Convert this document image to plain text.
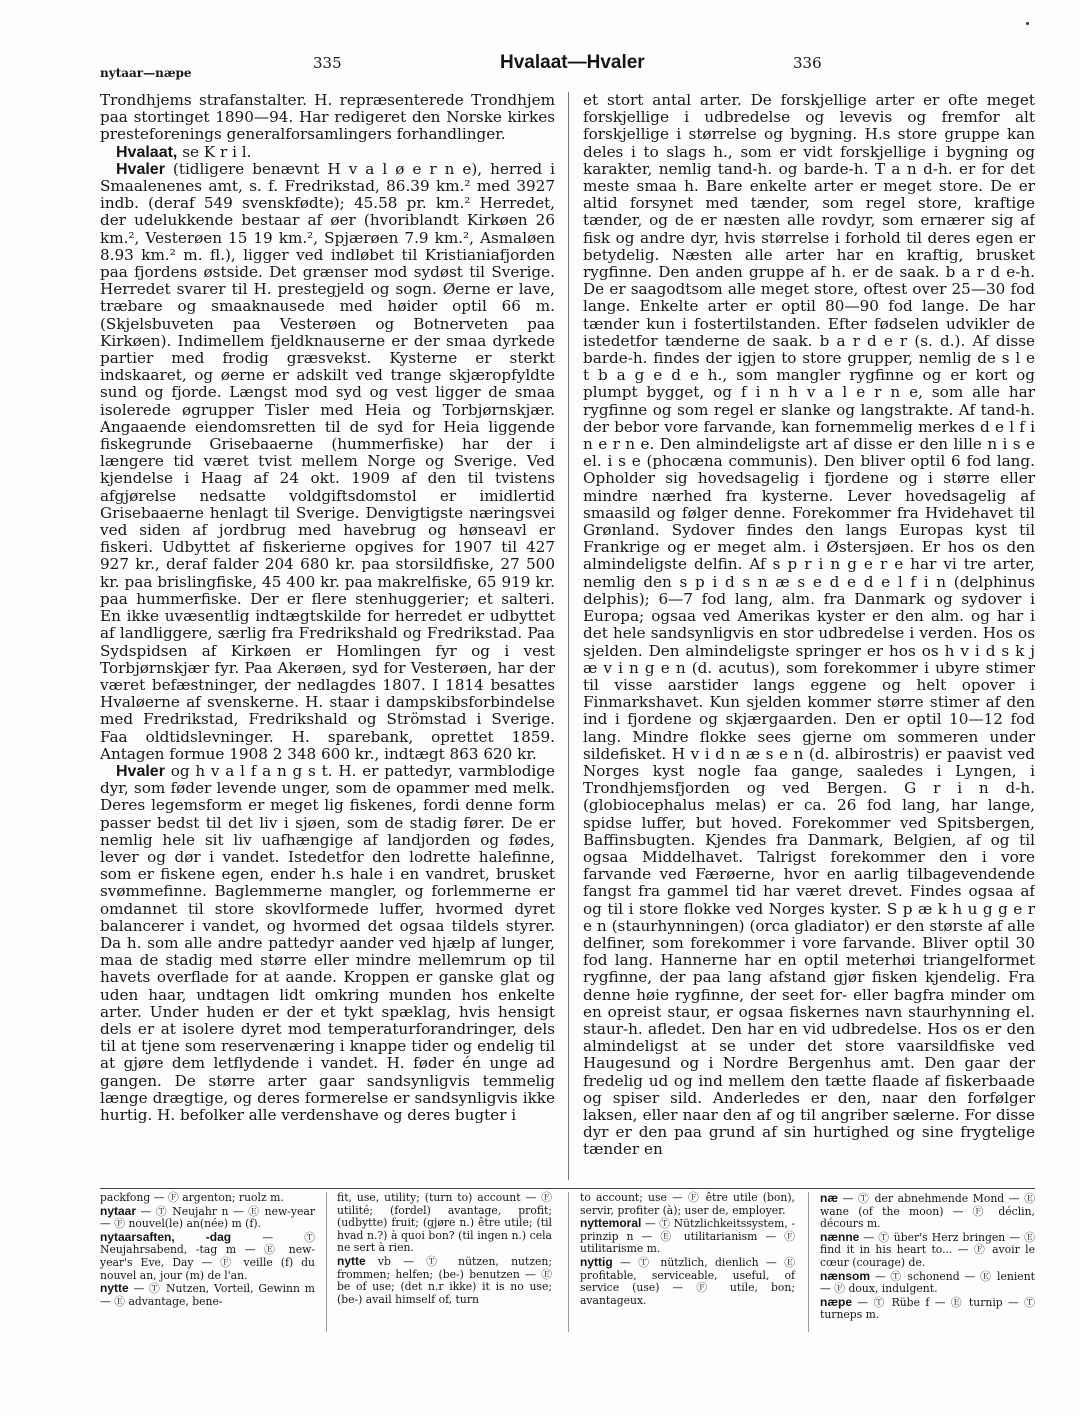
nytaar—næpe
335	Hvalaat—Hvaler	336

Trondhjems strafanstalter. H. repræsenterede Trondhjem paa stortinget 1890—94. Har redigeret den Norske kirkes presteforenings generalforsamlingers forhandlinger.

Hvalaat, se K r i l.

Hvaler (tidligere benævnt H v a l ø e r n e), herred i Smaalenenes amt, s. f. Fredrikstad, 86.39 km.² med 3927 indb. (deraf 549 svenskfødte); 45.58 pr. km.² Herredet, der udelukkende bestaar af øer (hvoriblandt Kirkøen 26 km.², Vesterøen 15 19 km.², Spjærøen 7.9 km.², Asmaløen 8.93 km.² m. fl.), ligger ved indløbet til Kristianiafjorden paa fjordens østside. Det grænser mod sydøst til Sverige. Herredet svarer til H. prestegjeld og sogn. Øerne er lave, træbare og smaaknausede med høider optil 66 m. (Skjelsbuveten paa Vesterøen og Botnerveten paa Kirkøen). Indimellem fjeldknauserne er der smaa dyrkede partier med frodig græsvekst. Kysterne er sterkt indskaaret, og øerne er adskilt ved trange skjæropfyldte sund og fjorde. Længst mod syd og vest ligger de smaa isolerede øgrupper Tisler med Heia og Torbjørnskjær. Angaaende eiendomsretten til de syd for Heia liggende fiskegrunde Grisebaaerne (hummerfiske) har der i længere tid været tvist mellem Norge og Sverige. Ved kjendelse i Haag af 24 okt. 1909 af den til tvistens afgjørelse nedsatte voldgiftsdomstol er imidlertid Grisebaaerne henlagt til Sverige. Denvigtigste næringsvei ved siden af jordbrug med havebrug og hønseavl er fiskeri. Udbyttet af fiskerierne opgives for 1907 til 427 927 kr., deraf falder 204 680 kr. paa storsildfiske, 27 500 kr. paa brislingfiske, 45 400 kr. paa makrelfiske, 65 919 kr. paa hummerfiske. Der er flere stenhuggerier; et salteri. En ikke uvæsentlig indtægtskilde for herredet er udbyttet af landliggere, særlig fra Fredrikshald og Fredrikstad. Paa Sydspidsen af Kirkøen er Homlingen fyr og i vest Torbjørnskjær fyr. Paa Akerøen, syd for Vesterøen, har der været befæstninger, der nedlagdes 1807. I 1814 besattes Hvaløerne af svenskerne. H. staar i dampskibsforbindelse med Fredrikstad, Fredrikshald og Strömstad i Sverige. Faa oldtidslevninger. H. sparebank, oprettet 1859. Antagen formue 1908 2 348 600 kr., indtægt 863 620 kr.

Hvaler og h v a l f a n g s t. H. er pattedyr, varmblodige dyr, som føder levende unger, som de opammer med melk. Deres legemsform er meget lig fiskenes, fordi denne form passer bedst til det liv i sjøen, som de stadig fører. De er nemlig hele sit liv uafhængige af landjorden og fødes, lever og dør i vandet. Istedetfor den lodrette halefinne, som er fiskene egen, ender h.s hale i en vandret, brusket svømmefinne. Baglemmerne mangler, og forlemmerne er omdannet til store skovlformede luffer, hvormed dyret balancerer i vandet, og hvormed det ogsaa tildels styrer. Da h. som alle andre pattedyr aander ved hjælp af lunger, maa de stadig med større eller mindre mellemrum op til havets overflade for at aande. Kroppen er ganske glat og uden haar, undtagen lidt omkring munden hos enkelte arter. Under huden er der et tykt spæklag, hvis hensigt dels er at isolere dyret mod temperaturforandringer, dels til at tjene som reservenæring i knappe tider og endelig til at gjøre dem letflydende i vandet. H. føder én unge ad gangen. De større arter gaar sandsynligvis temmelig længe drægtige, og deres formerelse er sandsynligvis ikke hurtig. H. befolker alle verdenshave og deres bugter i

et stort antal arter. De forskjellige arter er ofte meget forskjellige i udbredelse og levevis og fremfor alt forskjellige i størrelse og bygning. H.s store gruppe kan deles i to slags h., som er vidt forskjellige i bygning og karakter, nemlig tand-h. og barde-h. T a n d-h. er for det meste smaa h. Bare enkelte arter er meget store. De er altid forsynet med tænder, som regel store, kraftige tænder, og de er næsten alle rovdyr, som ernærer sig af fisk og andre dyr, hvis størrelse i forhold til deres egen er betydelig. Næsten alle arter har en kraftig, brusket rygfinne. Den anden gruppe af h. er de saak. b a r d e-h. De er saagodtsom alle meget store, oftest over 25—30 fod lange. Enkelte arter er optil 80—90 fod lange. De har tænder kun i fostertilstanden. Efter fødselen udvikler de istedetfor tænderne de saak. b a r d e r (s. d.). Af disse barde-h. findes der igjen to store grupper, nemlig de s l e t b a g e d e h., som mangler rygfinne og er kort og plumpt bygget, og f i n h v a l e r n e, som alle har rygfinne og som regel er slanke og langstrakte. Af tand-h. der bebor vore farvande, kan fornemmelig merkes d e l f i n e r n e. Den almindeligste art af disse er den lille n i s e el. i s e (phocæna communis). Den bliver optil 6 fod lang. Opholder sig hovedsagelig i fjordene og i større eller mindre nærhed fra kysterne. Lever hovedsagelig af smaasild og følger denne. Forekommer fra Hvidehavet til Grønland. Sydover findes den langs Europas kyst til Frankrige og er meget alm. i Østersjøen. Er hos os den almindeligste delfin. Af s p r i n g e r e har vi tre arter, nemlig den s p i d s n æ s e d e d e l f i n (delphinus delphis); 6—7 fod lang, alm. fra Danmark og sydover i Europa; ogsaa ved Amerikas kyster er den alm. og har i det hele sandsynligvis en stor udbredelse i verden. Hos os sjelden. Den almindeligste springer er hos os h v i d s k j æ v i n g e n (d. acutus), som forekommer i ubyre stimer til visse aarstider langs eggene og helt opover i Finmarkshavet. Kun sjelden kommer større stimer af den ind i fjordene og skjærgaarden. Den er optil 10—12 fod lang. Mindre flokke sees gjerne om sommeren under sildefisket. H v i d n æ s e n (d. albirostris) er paavist ved Norges kyst nogle faa gange, saaledes i Lyngen, i Trondhjemsfjorden og ved Bergen. G r i n d-h. (globiocephalus melas) er ca. 26 fod lang, har lange, spidse luffer, but hoved. Forekommer ved Spitsbergen, Baffinsbugten. Kjendes fra Danmark, Belgien, af og til ogsaa Middelhavet. Talrigst forekommer den i vore farvande ved Færøerne, hvor en aarlig tilbagevendende fangst fra gammel tid har været drevet. Findes ogsaa af og til i store flokke ved Norges kyster. S p æ k h u g g e r e n (staurhynningen) (orca gladiator) er den største af alle delfiner, som forekommer i vore farvande. Bliver optil 30 fod lang. Hannerne har en optil meterhøi triangelformet rygfinne, der paa lang afstand gjør fisken kjendelig. Fra denne høie rygfinne, der seet for- eller bagfra minder om en opreist staur, er ogsaa fiskernes navn staurhynning el. staur-h. afledet. Den har en vid udbredelse. Hos os er den almindeligst at se under det store vaarsildfiske ved Haugesund og i Nordre Bergenhus amt. Den gaar der fredelig ud og ind mellem den tætte flaade af fiskerbaade og spiser sild. Anderledes er den, naar den forfølger laksen, eller naar den af og til angriber sælerne. For disse dyr er den paa grund af sin hurtighed og sine frygtelige tænder en

packfong — Ⓕ argenton; ruolz m.

nytaar — Ⓣ Neujahr n — Ⓔ new-year — Ⓕ nouvel(le) an(née) m (f).

nytaarsaften, -dag — Ⓣ Neujahrsabend, -tag m — Ⓔ new-year's Eve, Day — Ⓕ veille (f) du nouvel an, jour (m) de l'an.

nytte — Ⓣ Nutzen, Vorteil, Gewinn m — Ⓔ advantage, bene-

fit, use, utility; (turn to) account — Ⓕ utilité; (fordel) avantage, profit; (udbytte) fruit; (gjøre n.) être utile; (til hvad n.?) à quoi bon? (til ingen n.) cela ne sert à rien.

nytte vb — Ⓣ nützen, nutzen; frommen; helfen; (be-) benutzen — Ⓔ be of use; (det n.r ikke) it is no use; (be-) avail himself of, turn

to account; use — Ⓕ être utile (bon), servir, profiter (à); user de, employer.

nyttemoral — Ⓣ Nützlichkeitssystem, -prinzip n — Ⓔ utilitarianism — Ⓕ utilitarisme m.

nyttig — Ⓣ nützlich, dienlich — Ⓔ profitable, serviceable, useful, of service (use) — Ⓕ utile, bon; avantageux.

næ — Ⓣ der abnehmende Mond — Ⓔ wane (of the moon) — Ⓕ déclin, décours m.

nænne — Ⓣ über's Herz bringen — Ⓔ find it in his heart to... — Ⓕ avoir le cœur (courage) de.

nænsom — Ⓣ schonend — Ⓔ lenient — Ⓕ doux, indulgent.

næpe — Ⓣ Rübe f — Ⓔ turnip — Ⓣ turneps m.
